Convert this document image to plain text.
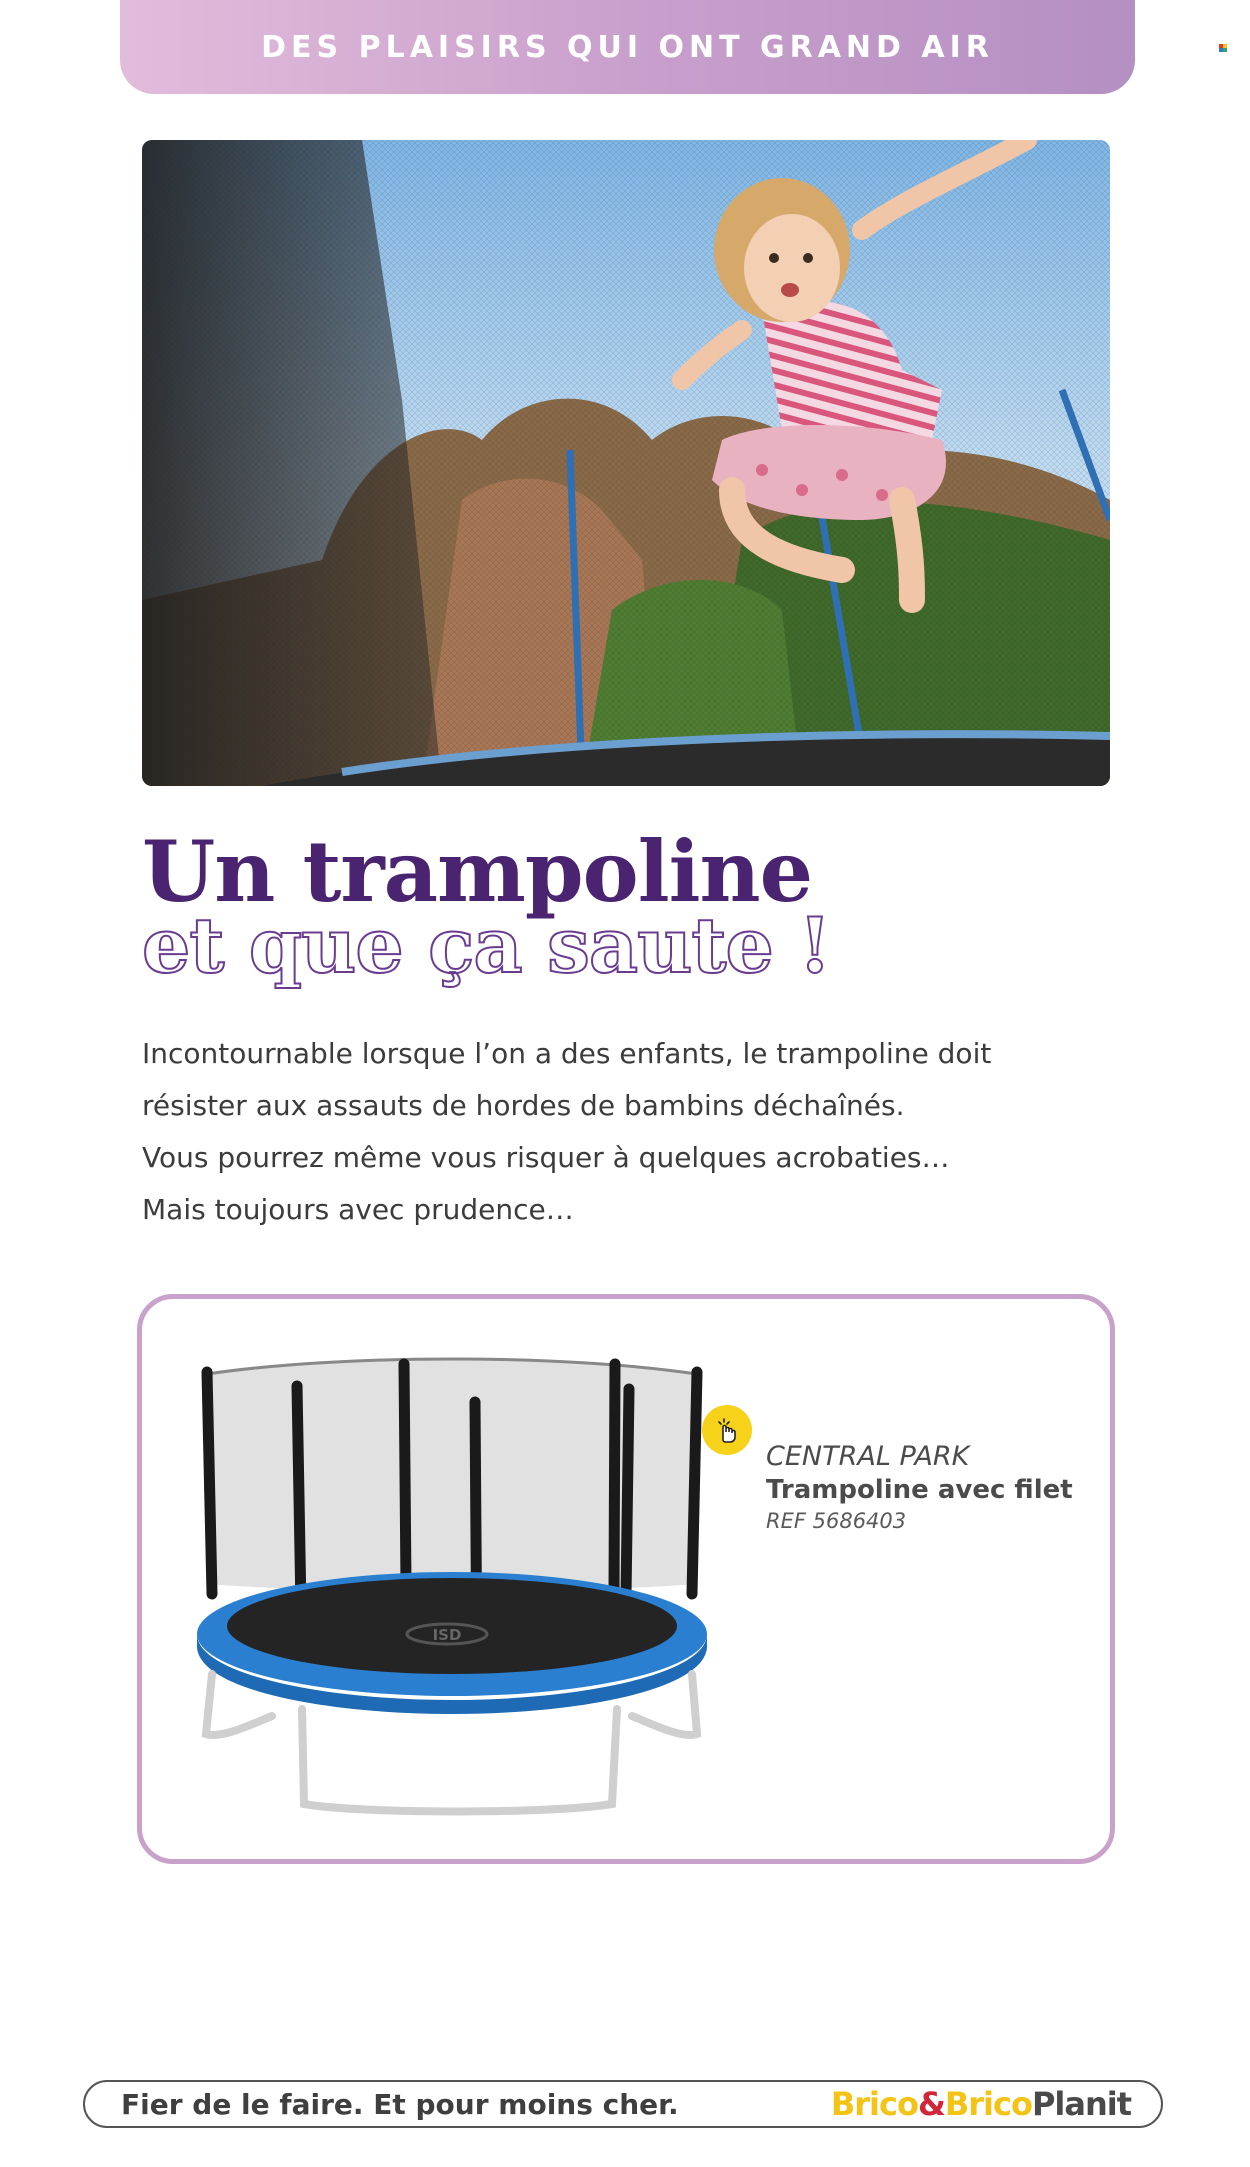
DES PLAISIRS QUI ONT GRAND AIR
Un trampoline
et que ça saute !

Incontournable lorsque l’on a des enfants, le trampoline doit

résister aux assauts de hordes de bambins déchaînés.

Vous pourrez même vous risquer à quelques acrobaties…

Mais toujours avec prudence…

ISD
CENTRAL PARK
Trampoline avec filet
REF 5686403
Fier de le faire. Et pour moins cher.	Brico&BricoPlanit
